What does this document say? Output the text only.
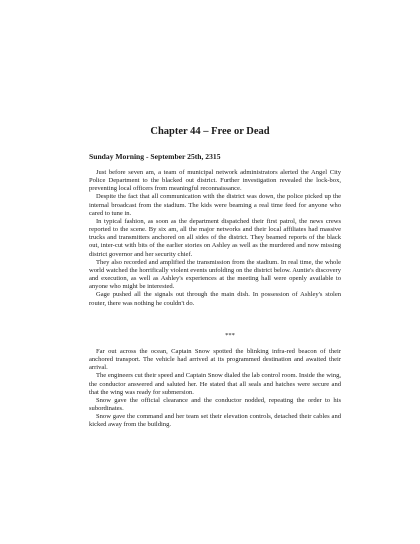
Chapter 44 – Free or Dead
Sunday Morning - September 25th, 2315

Just before seven am, a team of municipal network administrators alerted the Angel City Police Department to the blacked out district. Further investigation revealed the lock-box, preventing local officers from meaningful reconnaissance.

Despite the fact that all communication with the district was down, the police picked up the internal broadcast from the stadium. The kids were beaming a real time feed for anyone who cared to tune in.

In typical fashion, as soon as the department dispatched their first patrol, the news crews reported to the scene. By six am, all the major networks and their local affiliates had massive trucks and transmitters anchored on all sides of the district. They beamed reports of the black out, inter-cut with bits of the earlier stories on Ashley as well as the murdered and now missing district governor and her security chief.

They also recorded and amplified the transmission from the stadium. In real time, the whole world watched the horrifically violent events unfolding on the district below. Auntie's discovery and execution, as well as Ashley's experiences at the meeting hall were openly available to anyone who might be interested.

Gage pushed all the signals out through the main dish. In possession of Ashley's stolen router, there was nothing he couldn't do.

***

Far out across the ocean, Captain Snow spotted the blinking infra-red beacon of their anchored transport. The vehicle had arrived at its programmed destination and awaited their arrival.

The engineers cut their speed and Captain Snow dialed the lab control room. Inside the wing, the conductor answered and saluted her. He stated that all seals and hatches were secure and that the wing was ready for submersion.

Snow gave the official clearance and the conductor nodded, repeating the order to his subordinates.

Snow gave the command and her team set their elevation controls, detached their cables and kicked away from the building.
